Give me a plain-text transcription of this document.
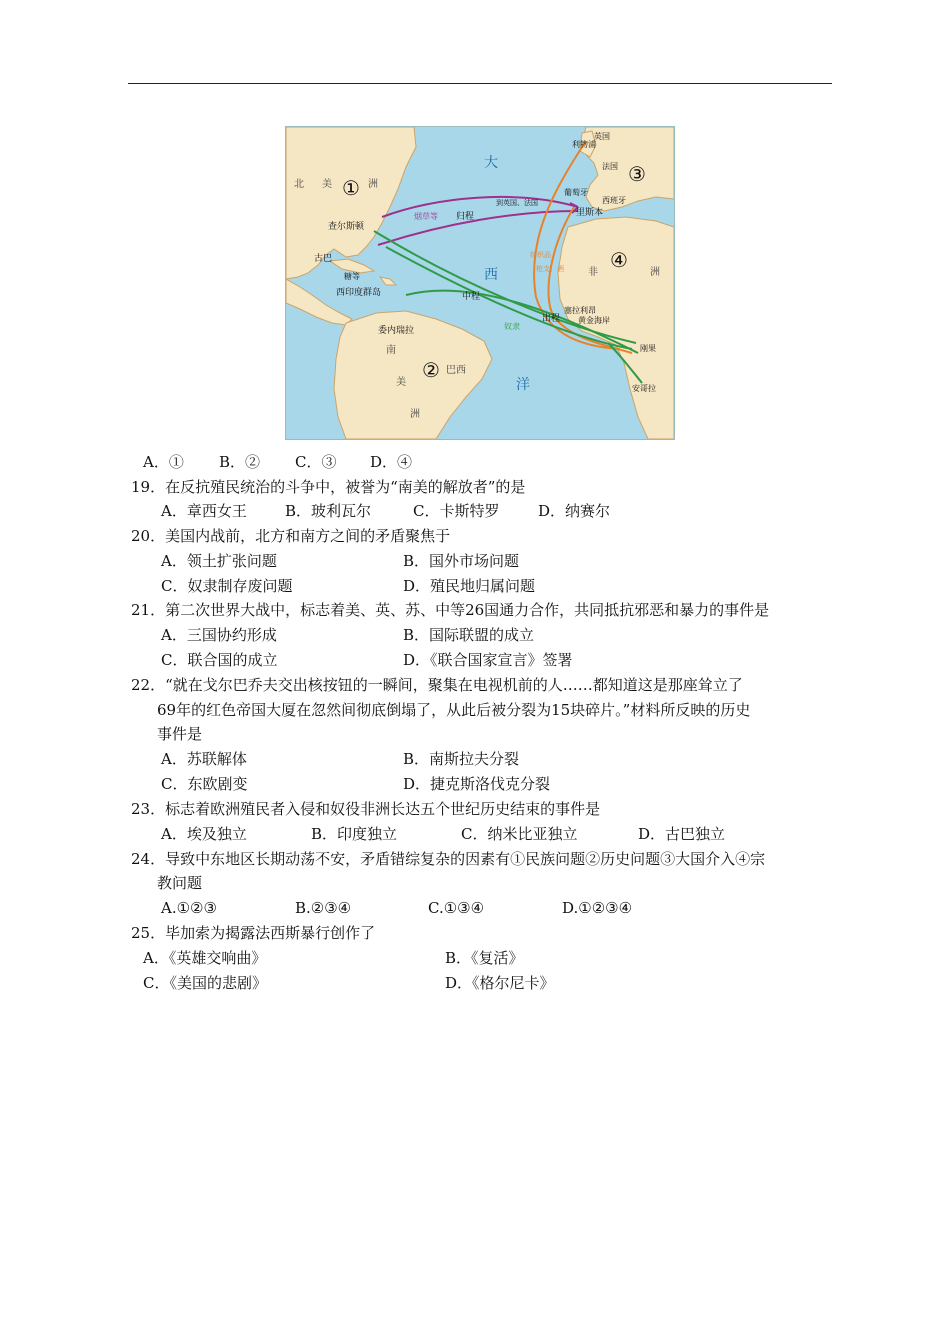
北 美	洲
①
查尔斯顿
古巴
糖等
西印度群岛
委内瑞拉
南
美
洲
② 巴西
大
西
洋
烟草等 归程
到英国、法国
中程
奴隶
出程
纺织品
枪支、酒
英国
利物浦
法国 ③
葡萄牙
西班牙
里斯本
④
非	洲
塞拉利昂
黄金海岸
刚果
安哥拉
A．① B．② C．③ D．④
19．在反抗殖民统治的斗争中，被誉为“南美的解放者”的是
A．章西女王	B．玻利瓦尔	C．卡斯特罗	D．纳赛尔
20．美国内战前，北方和南方之间的矛盾聚焦于
A．领土扩张问题	B．国外市场问题
C．奴隶制存废问题	D．殖民地归属问题
21．第二次世界大战中，标志着美、英、苏、中等26国通力合作，共同抵抗邪恶和暴力的事件是
A．三国协约形成	B．国际联盟的成立
C．联合国的成立	D．《联合国家宣言》签署
22．“就在戈尔巴乔夫交出核按钮的一瞬间，聚集在电视机前的人……都知道这是那座耸立了
69年的红色帝国大厦在忽然间彻底倒塌了，从此后被分裂为15块碎片。”材料所反映的历史
事件是
A．苏联解体	B．南斯拉夫分裂
C．东欧剧变	D．捷克斯洛伐克分裂
23．标志着欧洲殖民者入侵和奴役非洲长达五个世纪历史结束的事件是
A．埃及独立	B．印度独立	C．纳米比亚独立	D．古巴独立
24．导致中东地区长期动荡不安，矛盾错综复杂的因素有①民族问题②历史问题③大国介入④宗
教问题
A.①②③	B.②③④	C.①③④	D.①②③④
25．毕加索为揭露法西斯暴行创作了
A．《英雄交响曲》	B．《复活》
C．《美国的悲剧》	D．《格尔尼卡》
